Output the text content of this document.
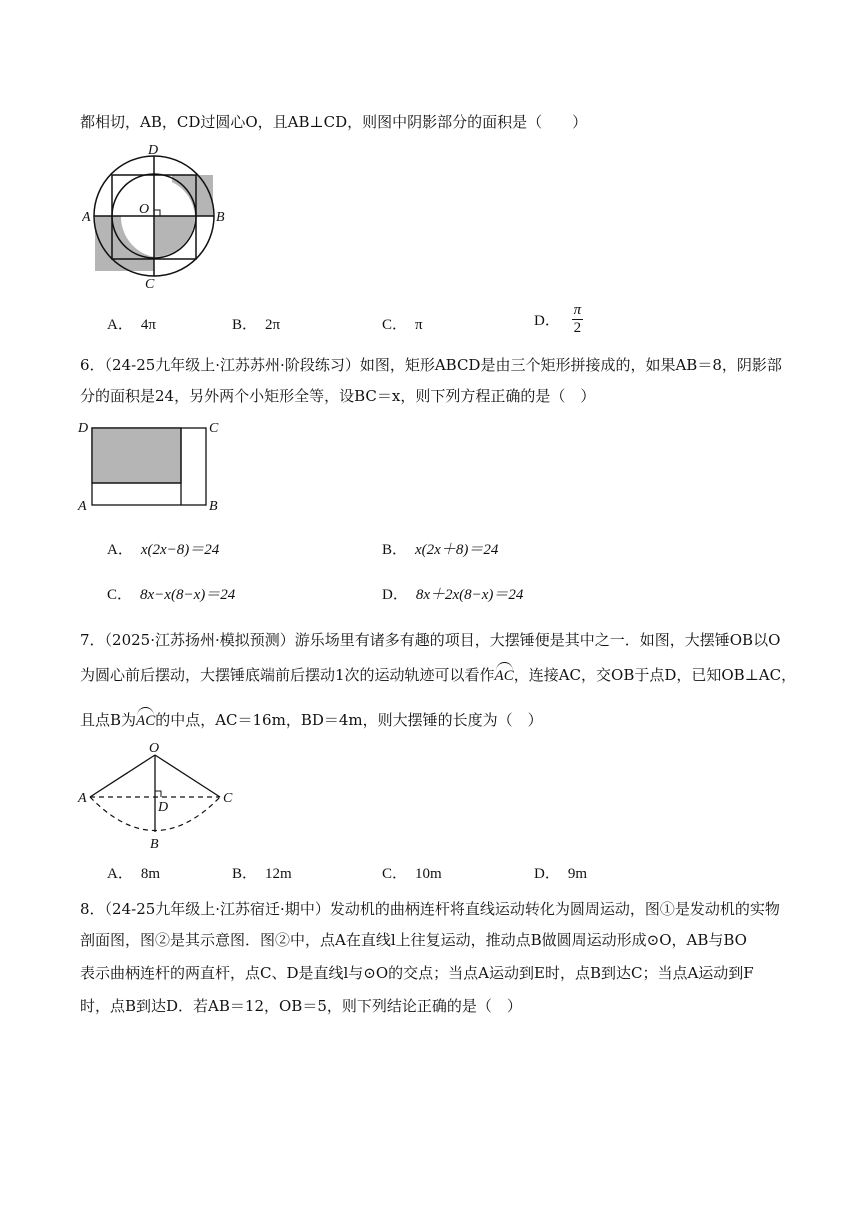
都相切，AB，CD过圆心O，且AB⊥CD，则图中阴影部分的面积是（　　）
D
A	B
C
O
A． 4π	B． 2π	C． π	D． $\frac{\pi}{2}$
6．（24-25九年级上·江苏苏州·阶段练习）如图，矩形ABCD是由三个矩形拼接成的，如果AB＝8，阴影部
分的面积是24，另外两个小矩形全等，设BC＝x，则下列方程正确的是（　）
D	C
A	B
A． x(2x−8)＝24	B． x(2x＋8)＝24
C． 8x−x(8−x)＝24	D． 8x＋2x(8−x)＝24
7．（2025·江苏扬州·模拟预测）游乐场里有诸多有趣的项目，大摆锤便是其中之一．如图，大摆锤OB以O
为圆心前后摆动，大摆锤底端前后摆动1次的运动轨迹可以看作AC，连接AC，交OB于点D，已知OB⊥AC，
且点B为AC的中点，AC＝16m，BD＝4m，则大摆锤的长度为（　）
O
A	C
D
B
A． 8m	B． 12m	C． 10m	D． 9m
8．（24-25九年级上·江苏宿迁·期中）发动机的曲柄连杆将直线运动转化为圆周运动，图①是发动机的实物
剖面图，图②是其示意图．图②中，点A在直线l上往复运动，推动点B做圆周运动形成⊙O，AB与BO
表示曲柄连杆的两直杆，点C、D是直线l与⊙O的交点；当点A运动到E时，点B到达C；当点A运动到F
时，点B到达D．若AB＝12，OB＝5，则下列结论正确的是（　）
